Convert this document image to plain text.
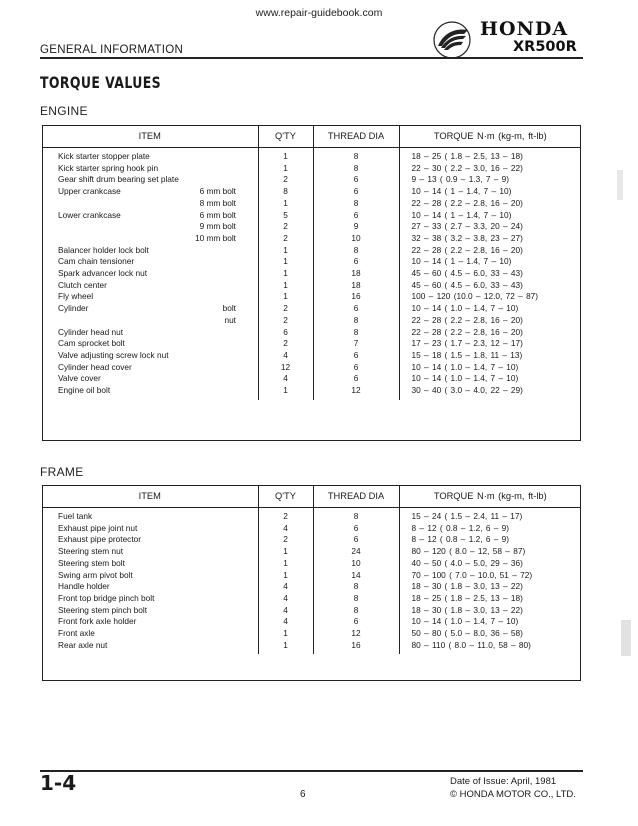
www.repair-guidebook.com
GENERAL INFORMATION
HONDA
XR500R
TORQUE VALUES
ENGINE
ITEM	Q'TY	THREAD DIA	TORQUE N·m (kg-m, ft-lb)
Kick starter stopper plate	1	8	18 – 25 ( 1.8 – 2.5, 13 – 18)
Kick starter spring hook pin	1	8	22 – 30 ( 2.2 – 3.0, 16 – 22)
Gear shift drum bearing set plate	2	6	9 – 13 ( 0.9 – 1.3, 7 – 9)
Upper crankcase 6 mm bolt	8	6	10 – 14 ( 1 – 1.4, 7 – 10)
8 mm bolt	1	8	22 – 28 ( 2.2 – 2.8, 16 – 20)
Lower crankcase 6 mm bolt	5	6	10 – 14 ( 1 – 1.4, 7 – 10)
9 mm bolt	2	9	27 – 33 ( 2.7 – 3.3, 20 – 24)
10 mm bolt	2	10	32 – 38 ( 3.2 – 3.8, 23 – 27)
Balancer holder lock bolt	1	8	22 – 28 ( 2.2 – 2.8, 16 – 20)
Cam chain tensioner	1	6	10 – 14 ( 1 – 1.4, 7 – 10)
Spark advancer lock nut	1	18	45 – 60 ( 4.5 – 6.0, 33 – 43)
Clutch center	1	18	45 – 60 ( 4.5 – 6.0, 33 – 43)
Fly wheel	1	16	100 – 120 (10.0 – 12.0, 72 – 87)
Cylinder bolt	2	6	10 – 14 ( 1.0 – 1.4, 7 – 10)
nut	2	8	22 – 28 ( 2.2 – 2.8, 16 – 20)
Cylinder head nut	6	8	22 – 28 ( 2.2 – 2.8, 16 – 20)
Cam sprocket bolt	2	7	17 – 23 ( 1.7 – 2.3, 12 – 17)
Valve adjusting screw lock nut	4	6	15 – 18 ( 1.5 – 1.8, 11 – 13)
Cylinder head cover	12	6	10 – 14 ( 1.0 – 1.4, 7 – 10)
Valve cover	4	6	10 – 14 ( 1.0 – 1.4, 7 – 10)
Engine oil bolt	1	12	30 – 40 ( 3.0 – 4.0, 22 – 29)
FRAME
ITEM	Q'TY	THREAD DIA	TORQUE N·m (kg-m, ft-lb)
Fuel tank	2	8	15 – 24 ( 1.5 – 2.4, 11 – 17)
Exhaust pipe joint nut	4	6	8 – 12 ( 0.8 – 1.2, 6 – 9)
Exhaust pipe protector	2	6	8 – 12 ( 0.8 – 1.2, 6 – 9)
Steering stem nut	1	24	80 – 120 ( 8.0 – 12, 58 – 87)
Steering stem bolt	1	10	40 – 50 ( 4.0 – 5.0, 29 – 36)
Swing arm pivot bolt	1	14	70 – 100 ( 7.0 – 10.0, 51 – 72)
Handle holder	4	8	18 – 30 ( 1.8 – 3.0, 13 – 22)
Front top bridge pinch bolt	4	8	18 – 25 ( 1.8 – 2.5, 13 – 18)
Steering stem pinch bolt	4	8	18 – 30 ( 1.8 – 3.0, 13 – 22)
Front fork axle holder	4	6	10 – 14 ( 1.0 – 1.4, 7 – 10)
Front axle	1	12	50 – 80 ( 5.0 – 8.0, 36 – 58)
Rear axle nut	1	16	80 – 110 ( 8.0 – 11.0, 58 – 80)
1-4	6
Date of Issue: April, 1981
© HONDA MOTOR CO., LTD.
